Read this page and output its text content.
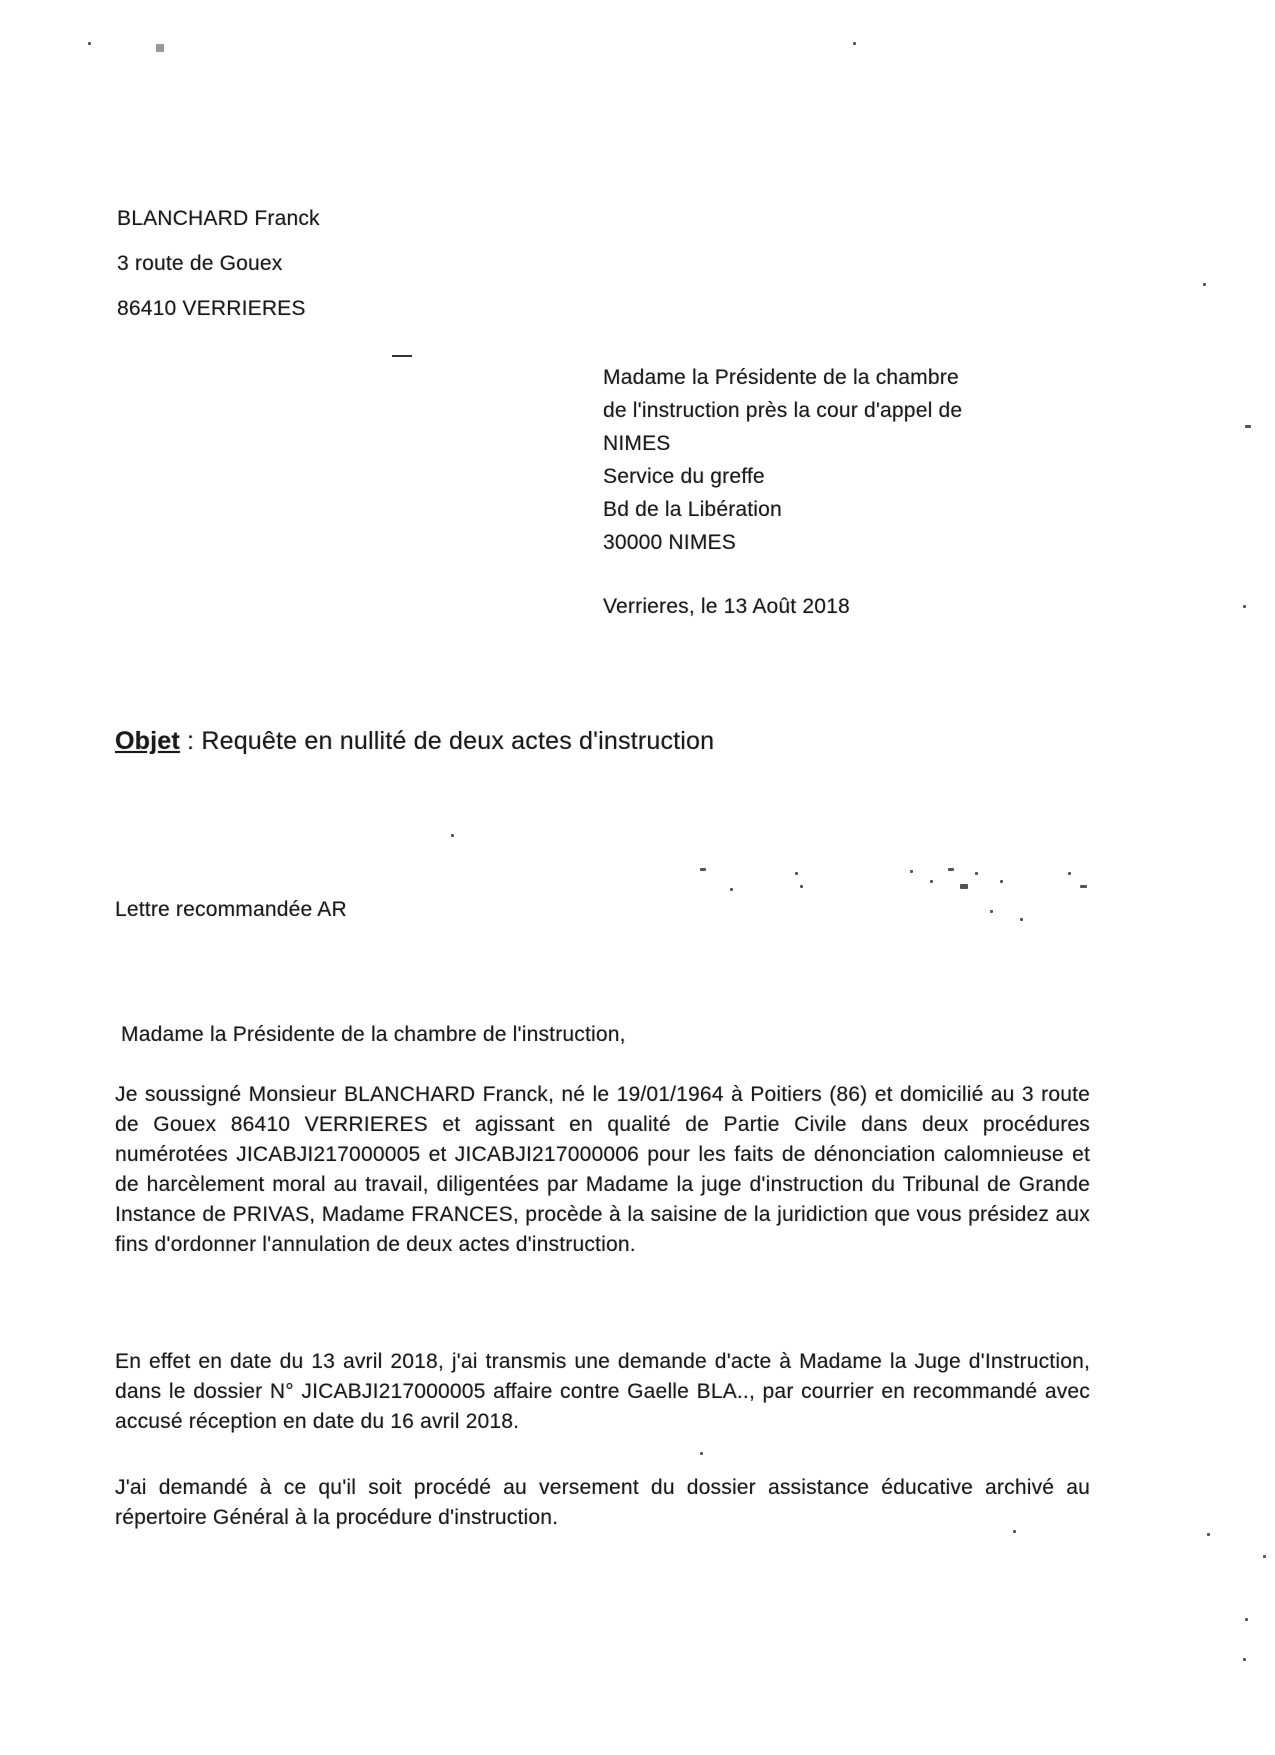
BLANCHARD Franck
3 route de Gouex
86410 VERRIERES
Madame la Présidente de la chambre
de l'instruction près la cour d'appel de
NIMES
Service du greffe
Bd de la Libération
30000 NIMES
Verrieres, le 13 Août 2018
Objet : Requête en nullité de deux actes d'instruction
Lettre recommandée AR
Madame la Présidente de la chambre de l'instruction,

Je soussigné Monsieur BLANCHARD Franck, né le 19/01/1964 à Poitiers (86) et domicilié au 3 route de Gouex 86410 VERRIERES et agissant en qualité de Partie Civile dans deux procédures numérotées JICABJI217000005 et JICABJI217000006 pour les faits de dénonciation calomnieuse et de harcèlement moral au travail, diligentées par Madame la juge d'instruction du Tribunal de Grande Instance de PRIVAS, Madame FRANCES, procède à la saisine de la juridiction que vous présidez aux fins d'ordonner l'annulation de deux actes d'instruction.

En effet en date du 13 avril 2018, j'ai transmis une demande d'acte à Madame la Juge d'Instruction, dans le dossier N° JICABJI217000005 affaire contre Gaelle BLA.., par courrier en recommandé avec accusé réception en date du 16 avril 2018.

J'ai demandé à ce qu'il soit procédé au versement du dossier assistance éducative archivé au répertoire Général à la procédure d'instruction.
